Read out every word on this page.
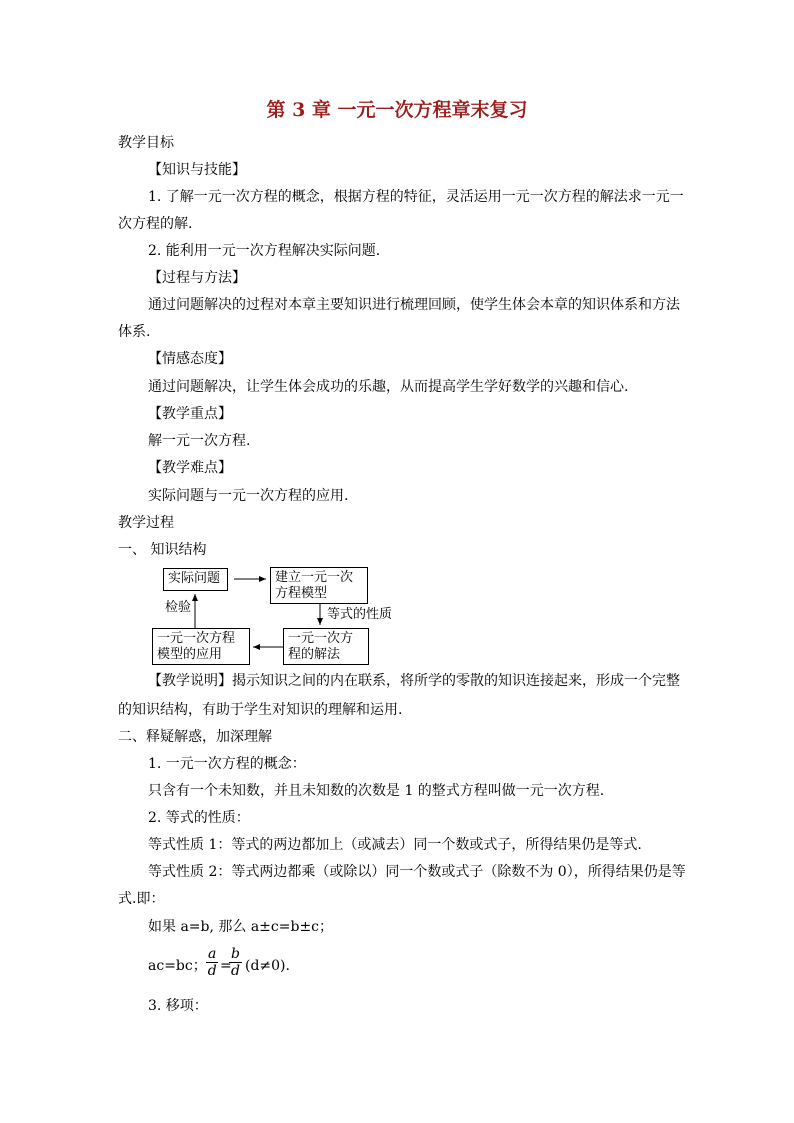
第 3 章 一元一次方程章末复习
教学目标
【知识与技能】
1. 了解一元一次方程的概念，根据方程的特征，灵活运用一元一次方程的解法求一元一
次方程的解.
2. 能利用一元一次方程解决实际问题.
【过程与方法】
通过问题解决的过程对本章主要知识进行梳理回顾，使学生体会本章的知识体系和方法
体系.
【情感态度】
通过问题解决，让学生体会成功的乐趣，从而提高学生学好数学的兴趣和信心.
【教学重点】
解一元一次方程.
【教学难点】
实际问题与一元一次方程的应用.
教学过程
一、 知识结构
实际问题	建立一元一次
方程模型
一元一次方
程的解法
一元一次方程
模型的应用
等式的性质
检验
【教学说明】揭示知识之间的内在联系，将所学的零散的知识连接起来，形成一个完整
的知识结构，有助于学生对知识的理解和运用.
二、释疑解惑，加深理解
1. 一元一次方程的概念：
只含有一个未知数，并且未知数的次数是 1 的整式方程叫做一元一次方程.
2. 等式的性质：
等式性质 1：等式的两边都加上（或减去）同一个数或式子，所得结果仍是等式.
等式性质 2：等式两边都乘（或除以）同一个数或式子（除数不为 0），所得结果仍是等
式.即：
如果 a=b, 那么 a±c=b±c；
ac=bc； $\frac{a}{d}$ =
$\frac{b}{d} (d\ne 0)$.
3. 移项：
